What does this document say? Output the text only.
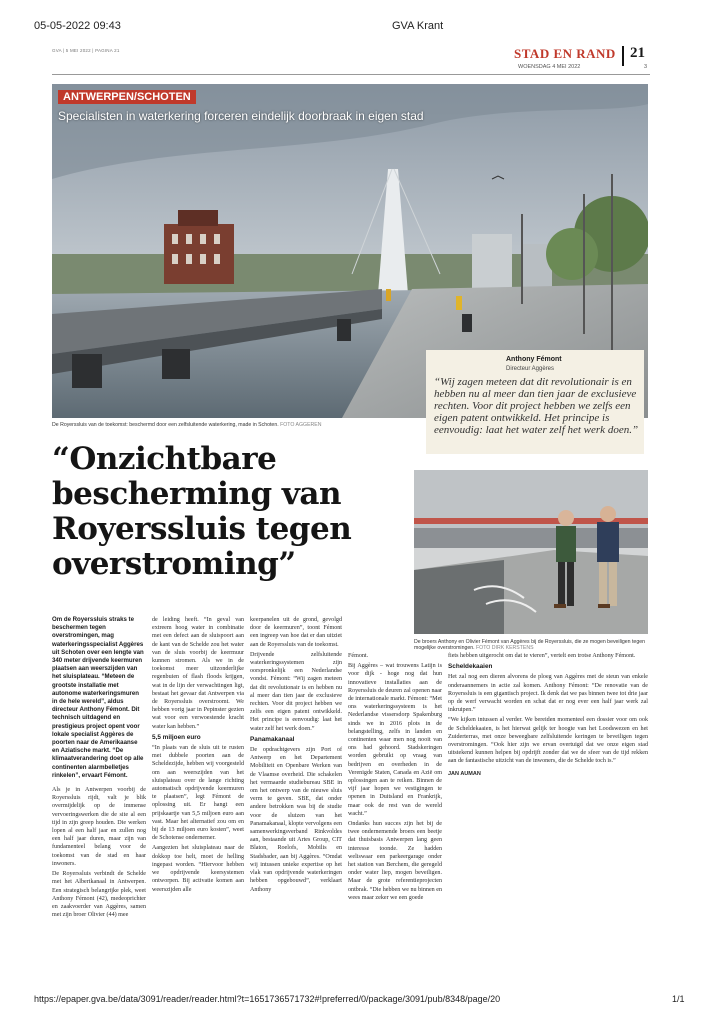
05-05-2022 09:43	GVA Krant
GVA | 5 MEI 2022 | PAGINA 21	STAD EN RAND 21
WOENSDAG 4 MEI 2022	3
ANTWERPEN/SCHOTEN
Specialisten in waterkering forceren eindelijk doorbraak in eigen stad
Anthony Fémont
Directeur Aggères
“Wij zagen meteen dat dit revolutionair is en hebben nu al meer dan tien jaar de exclusieve rechten. Voor dit project hebben we zelfs een eigen patent ontwikkeld. Het principe is eenvoudig: laat het water zelf het werk doen.”
De Royerssluis van de toekomst: beschermd door een zelfsluitende waterkering, made in Schoten. FOTO AGGEREN
“Onzichtbare bescherming van Royerssluis tegen overstroming”
De broers Anthony en Olivier Fémont van Aggères bij de Royerssluis, die ze mogen beveiligen tegen mogelijke overstromingen. FOTO DIRK KERSTENS
Om de Royerssluis straks te beschermen tegen overstromingen, mag waterkeringsspecialist Aggères uit Schoten over een lengte van 340 meter drijvende keermuren plaatsen aan weerszijden van het sluisplateau. “Meteen de grootste installatie met autonome waterkeringsmuren in de hele wereld”, aldus directeur Anthony Fémont. Dit technisch uitdagend en prestigieus project opent voor lokale specialist Aggères de poorten naar de Amerikaanse en Aziatische markt. “De klimaatverandering doet op alle continenten alarmbelletjes rinkelen”, ervaart Fémont.

Als je in Antwerpen voorbij de Royerssluis rijdt, valt je blik overmijdelijk op de immense vervoeringswerken die de site al een tijd in zijn greep houden. Die werken lopen al een half jaar en zullen nog een half jaar duren, maar zijn van fundamenteel belang voor de toekomst van de stad en haar inwoners.

De Royerssluis verbindt de Schelde met het Albertkanaal in Antwerpen. Een strategisch belangrijke plek, weet Anthony Fémont (42), medeoprichter en zaakvoerder van Aggères, samen met zijn broer Olivier (44) mee

de leiding heeft. “In geval van extreem hoog water in combinatie met een defect aan de sluispoort aan de kant van de Schelde zou het water van de sluis voorbij de keermuur kunnen stromen. Als we in de toekomst meer uitzonderlijke regenbuien of flash floods krijgen, wat in de lijn der verwachtingen ligt, bestaat het gevaar dat Antwerpen via de Royerssluis overstroomt. We hebben vorig jaar in Pepinster gezien wat voor een verwoestende kracht water kan hebben.”

5,5 miljoen euro

“In plaats van de sluis uit te rusten met dubbele poorten aan de Scheldezijde, hebben wij voorgesteld om aan weerszijden van het sluisplateau over de lange richting automatisch opdrijvende keermuren te plaatsen”, legt Fémont de oplossing uit. Er hangt een prijskaartje van 5,5 miljoen euro aan vast. Maar het alternatief zou om en bij de 13 miljoen euro kosten”, weet de Schotense ondernemer.

Aangezien het sluisplateau naar de dokkop toe helt, moet de helling ingepast worden. “Hiervoor hebben we opdrijvende keersystemen ontworpen. Bij activatie komen aan weerszijden alle

keerpanelen uit de grond, gevolgd door de keermuren”, toont Fémont een ingreep van hoe dat er dan uitziet aan de Royerssluis van de toekomst.

Drijvende zelfsluitende waterkeringssystemen zijn oorspronkelijk een Nederlandse vondst. Fémont: “Wij zagen meteen dat dit revolutionair is en hebben nu al meer dan tien jaar de exclusieve rechten. Voor dit project hebben we zelfs een eigen patent ontwikkeld. Het principe is eenvoudig: laat het water zelf het werk doen.”

Panamakanaal

De opdrachtgevers zijn Port of Antwerp en het Departement Mobiliteit en Openbare Werken van de Vlaamse overheid. Die schakelen het vermaarde studiebureau SBE in om het ontwerp van de nieuwe sluis verm te geven. SBE, dat onder andere betrokken was bij de studie voor de sluizen van het Panamakanaal, klopte vervolgens een samenwerkingsverband Rinkvoldes aan, bestaande uit Artes Group, CIT Blaton, Roelofs, Mobilis en Stadsbader, aan bij Aggères. “Omdat wij intussen unieke expertise op het vlak van opdrijvende waterkeringen hebben opgebouwd”, verklaart Anthony

Fémont.

Bij Aggères – wat trouwens Latijn is voor dijk - hoge nog dat hun innovatieve installaties aan de Royerssluis de deuren zal openen naar de internationale markt. Fémont: “Met ons waterkeringssysteem is het Nederlandse vissersdorp Spakenburg sinds we in 2016 plots in de belangstelling, zelfs in landen en continenten waar men nog nooit van ons had gehoord. Stadskeringen worden gebruikt op vraag van bedrijven en overheden in de Verenigde Staten, Canada en Azië om oplossingen aan te reiken. Binnen de vijf jaar hopen we vestigingen te openen in Duitsland en Frankrijk, maar ook de rest van de wereld wacht.”

Ondanks hun succes zijn het bij de twee ondernemende broers een beetje dat thuisbasis Antwerpen lang geen interesse toonde. Ze hadden weliswaar een parkeergarage onder het station van Berchem, die geregeld onder water liep, mogen beveiligen. Maar de grote referentieprojecten ontbrak. “Die hebben we nu binnen en wees maar zeker we een goede

fiets hebben uitgerocht om dat te vieren”, vertelt een trotse Anthony Fémont.

Scheldekaaien

Het zal nog een dieren alvorens de ploeg van Aggères met de steun van enkele onderaannemers in actie zal komen. Anthony Fémont: “De renovatie van de Royerssluis is een gigantisch project. Ik denk dat we pas binnen twee tot drie jaar op de werf verwacht worden en schat dat er nog ever een half jaar werk zal inkruipen.”

“We kijken intussen al verder. We bereiden momenteel een dossier voor om ook de Scheldekaaien, is het hierwat gelijk ter hoogte van het Loodswezen en het Zuiderterras, met onze beweegbare zelfsluitende keringen te beveiligen tegen overstromingen. “Ook hier zijn we ervan overtuigd dat we onze eigen stad uitstekend kunnen helpen bij opdrijft zonder dat we de sfeer van de tijd rekken aan de fantastische uitzicht van de inwoners, die de Schelde toch is.”

JAN AUMAN
https://epaper.gva.be/data/3091/reader/reader.html?t=1651736571732#!preferred/0/package/3091/pub/8348/page/20	1/1
